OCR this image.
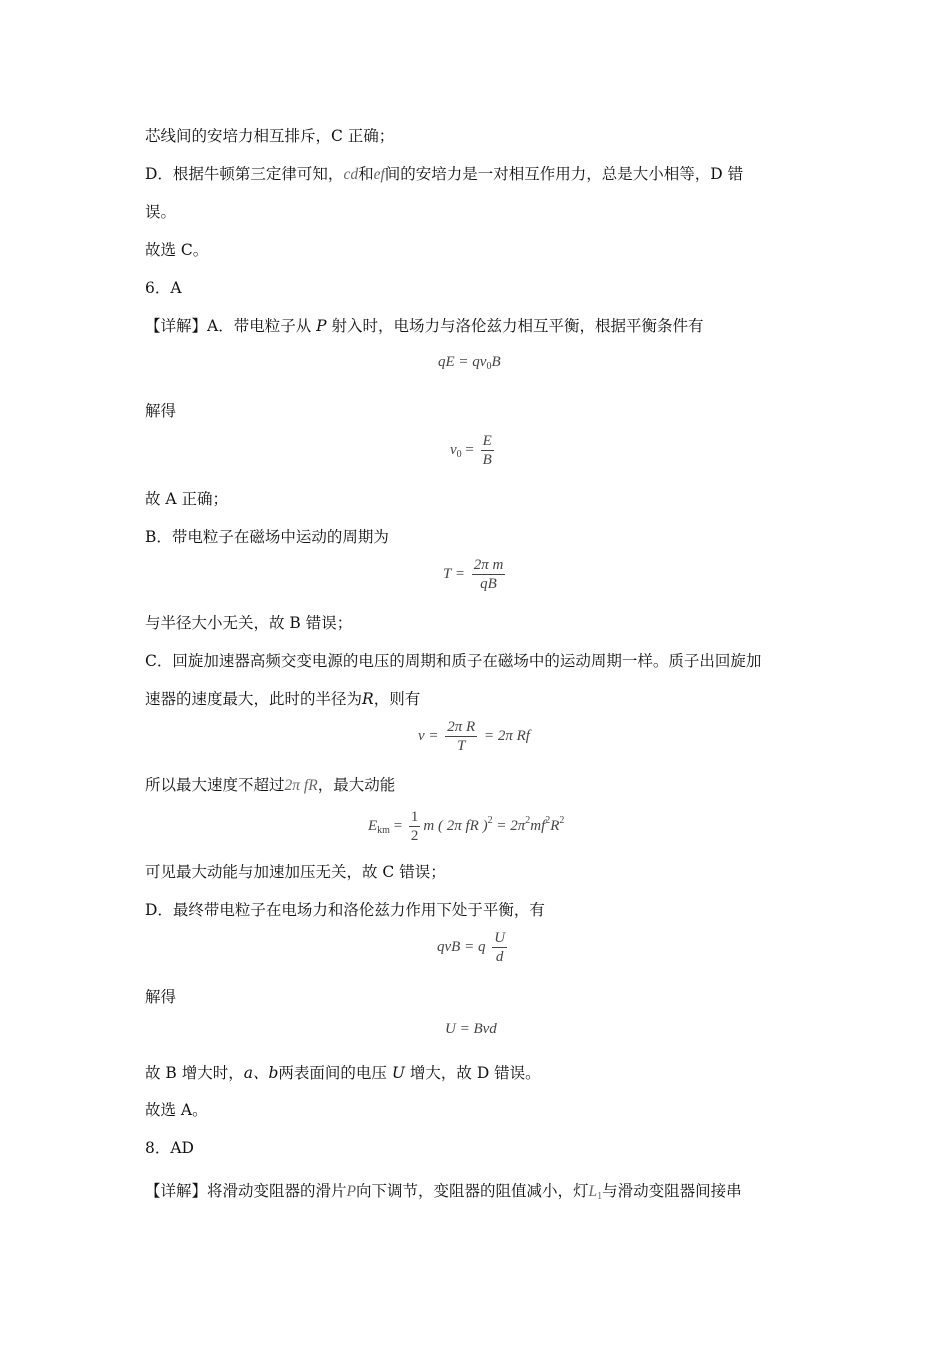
芯线间的安培力相互排斥，C 正确；
D．根据牛顿第三定律可知，cd和ef间的安培力是一对相互作用力，总是大小相等，D 错
误。
故选 C。
6．A
【详解】A．带电粒子从 P 射入时，电场力与洛伦兹力相互平衡，根据平衡条件有
qE = $qv_0B$
解得
$v_0 = \frac{E}{B}$
故 A 正确；
B．带电粒子在磁场中运动的周期为
$T = \frac{\text{2π m}}{qB}$
与半径大小无关，故 B 错误；
C．回旋加速器高频交变电源的电压的周期和质子在磁场中的运动周期一样。质子出回旋加
速器的速度最大，此时的半径为R，则有
$v = \frac{\text{2π R}}{T} = 2\pi$ Rf
所以最大速度不超过2π fR，最大动能
$E_{km} = \frac{1}{2}$ m ( 2π fR )$^2 = 2\pi^2mf^2R^2$
可见最大动能与加速加压无关，故 C 错误；
D．最终带电粒子在电场力和洛伦兹力作用下处于平衡，有
qvB = q $\frac{U}{d}$
解得
U = Bvd
故 B 增大时，a、b两表面间的电压 U 增大，故 D 错误。
故选 A。
8．AD
【详解】将滑动变阻器的滑片P向下调节，变阻器的阻值减小，灯$L_1$与滑动变阻器间接串
